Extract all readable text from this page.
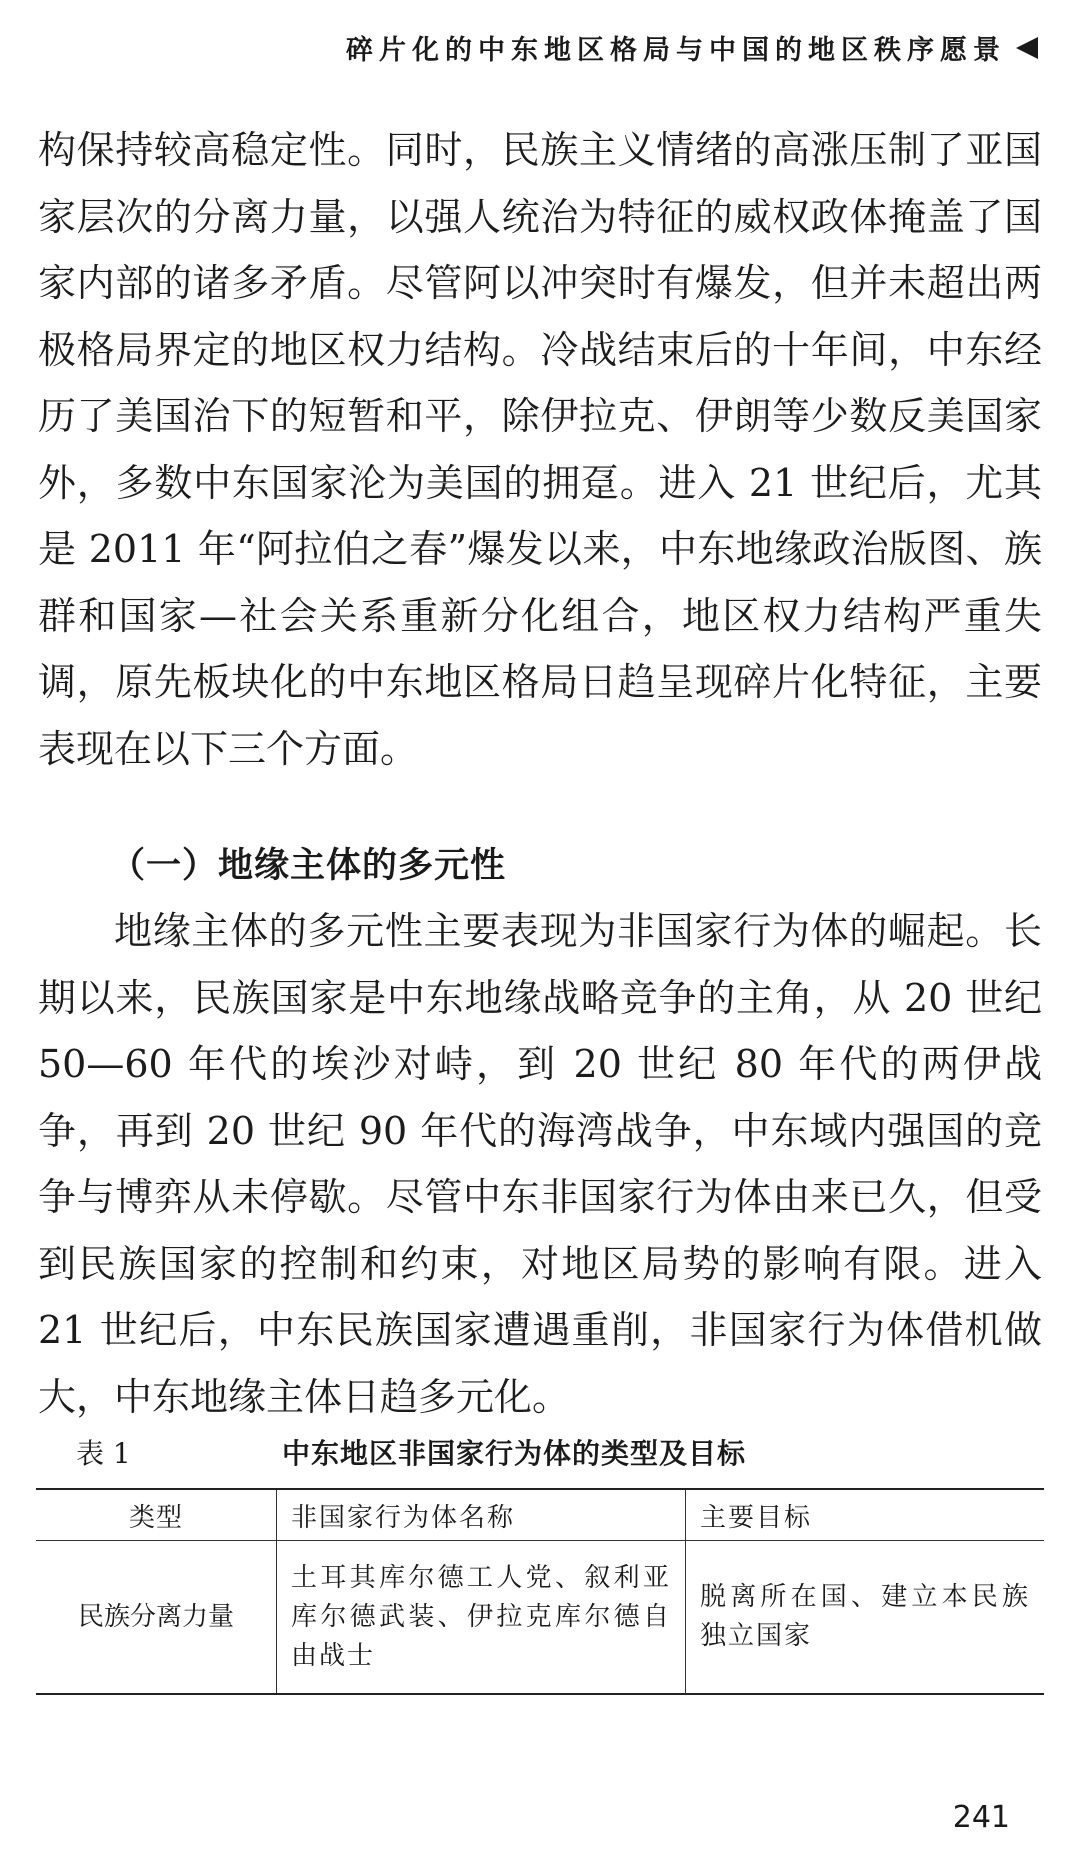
碎片化的中东地区格局与中国的地区秩序愿景

构保持较高稳定性。同时，民族主义情绪的高涨压制了亚国家层次的分离力量，以强人统治为特征的威权政体掩盖了国家内部的诸多矛盾。尽管阿以冲突时有爆发，但并未超出两极格局界定的地区权力结构。冷战结束后的十年间，中东经历了美国治下的短暂和平，除伊拉克、伊朗等少数反美国家外，多数中东国家沦为美国的拥趸。进入 21 世纪后，尤其是 2011 年“阿拉伯之春”爆发以来，中东地缘政治版图、族群和国家—社会关系重新分化组合，地区权力结构严重失调，原先板块化的中东地区格局日趋呈现碎片化特征，主要表现在以下三个方面。

（一）地缘主体的多元性

地缘主体的多元性主要表现为非国家行为体的崛起。长期以来，民族国家是中东地缘战略竞争的主角，从 20 世纪 50—60 年代的埃沙对峙，到 20 世纪 80 年代的两伊战争，再到 20 世纪 90 年代的海湾战争，中东域内强国的竞争与博弈从未停歇。尽管中东非国家行为体由来已久，但受到民族国家的控制和约束，对地区局势的影响有限。进入 21 世纪后，中东民族国家遭遇重削，非国家行为体借机做大，中东地缘主体日趋多元化。

表 1	中东地区非国家行为体的类型及目标
类型	非国家行为体名称	主要目标
民族分离力量	土耳其库尔德工人党、叙利亚库尔德武装、伊拉克库尔德自由战士	脱离所在国、建立本民族独立国家
241
